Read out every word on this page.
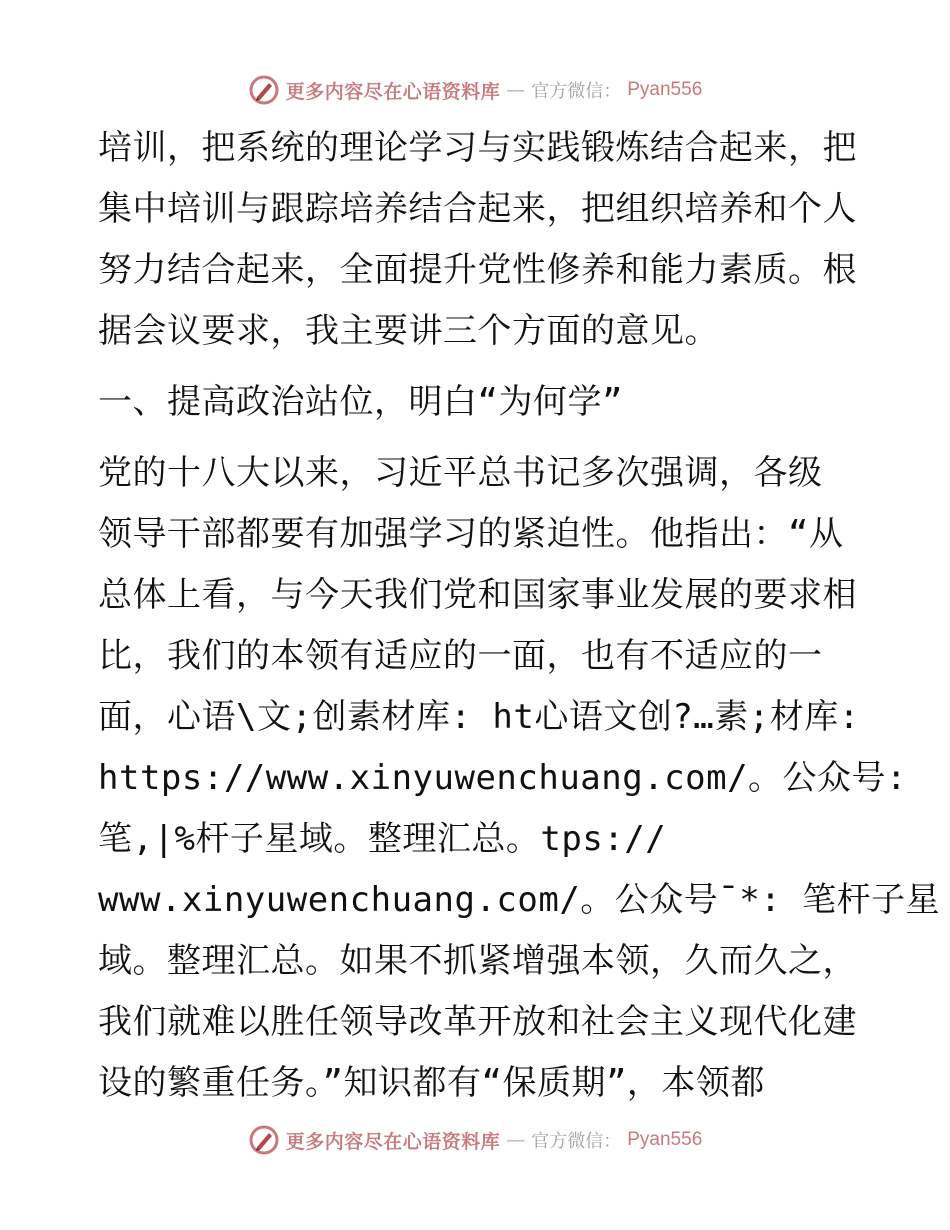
更多内容尽在心语资料库 — 官方微信： Pyan556
培训，把系统的理论学习与实践锻炼结合起来，把
集中培训与跟踪培养结合起来，把组织培养和个人
努力结合起来，全面提升党性修养和能力素质。根
据会议要求，我主要讲三个方面的意见。
一、提高政治站位，明白“为何学”
党的十八大以来，习近平总书记多次强调，各级
领导干部都要有加强学习的紧迫性。他指出：“从
总体上看，与今天我们党和国家事业发展的要求相
比，我们的本领有适应的一面，也有不适应的一
面，心语\文;创素材库: ht心语文创?…素;材库:
https://www.xinyuwenchuang.com/。公众号:
笔,|%杆子星域。整理汇总。tps://
www.xinyuwenchuang.com/。公众号¯*: 笔杆子星
域。整理汇总。如果不抓紧增强本领，久而久之，
我们就难以胜任领导改革开放和社会主义现代化建
设的繁重任务。”知识都有“保质期”，本领都
更多内容尽在心语资料库 — 官方微信： Pyan556
